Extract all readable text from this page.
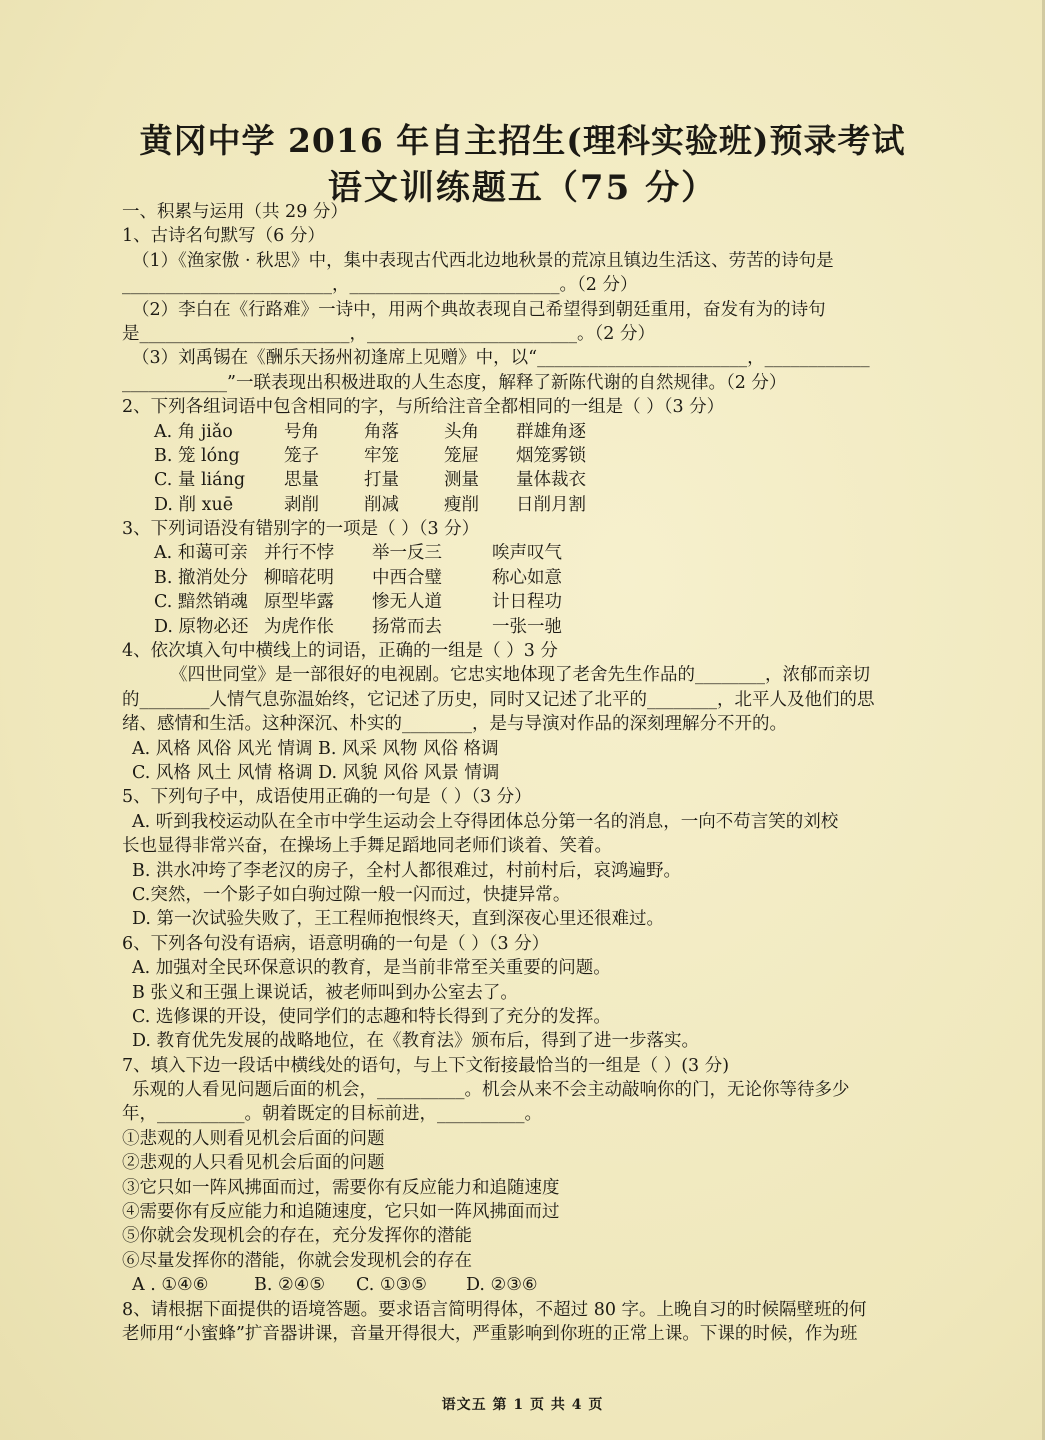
黄冈中学 2016 年自主招生(理科实验班)预录考试
语文训练题五（75 分）
一、积累与运用（共 29 分）
1、古诗名句默写（6 分）
（1）《渔家傲 · 秋思》中，集中表现古代西北边地秋景的荒凉且镇边生活这、劳苦的诗句是
________________________，________________________。（2 分）
（2）李白在《行路难》一诗中，用两个典故表现自己希望得到朝廷重用，奋发有为的诗句
是________________________，________________________。（2 分）
（3）刘禹锡在《酬乐天扬州初逢席上见赠》中，以“________________________，____________
____________”一联表现出积极进取的人生态度，解释了新陈代谢的自然规律。（2 分）
2、下列各组词语中包含相同的字，与所给注音全都相同的一组是（ ）（3 分）
A. 角 jiǎo	号角	角落	头角 群雄角逐
B. 笼 lóng	笼子	牢笼	笼屉 烟笼雾锁
C. 量 liáng 思量	打量	测量 量体裁衣
D. 削 xuē	剥削	削减	瘦削 日削月割
3、下列词语没有错别字的一项是（ ）（3 分）
A. 和蔼可亲 并行不悖 举一反三	唉声叹气
B. 撤消处分 柳暗花明 中西合璧	称心如意
C. 黯然销魂 原型毕露 惨无人道	计日程功
D. 原物必还 为虎作伥 扬常而去	一张一驰
4、依次填入句中横线上的词语，正确的一组是（ ）3 分
《四世同堂》是一部很好的电视剧。它忠实地体现了老舍先生作品的________，浓郁而亲切
的________人情气息弥温始终，它记述了历史，同时又记述了北平的________，北平人及他们的思
绪、感情和生活。这种深沉、朴实的________，是与导演对作品的深刻理解分不开的。
A. 风格 风俗 风光 情调 B. 风采 风物 风俗 格调
C. 风格 风土 风情 格调 D. 风貌 风俗 风景 情调
5、下列句子中，成语使用正确的一句是（ ）（3 分）
A. 听到我校运动队在全市中学生运动会上夺得团体总分第一名的消息，一向不苟言笑的刘校
长也显得非常兴奋，在操场上手舞足蹈地同老师们谈着、笑着。
B. 洪水冲垮了李老汉的房子，全村人都很难过，村前村后，哀鸿遍野。
C.突然，一个影子如白驹过隙一般一闪而过，快捷异常。
D. 第一次试验失败了，王工程师抱恨终天，直到深夜心里还很难过。
6、下列各句没有语病，语意明确的一句是（ ）（3 分）
A. 加强对全民环保意识的教育，是当前非常至关重要的问题。
B 张义和王强上课说话，被老师叫到办公室去了。
C. 选修课的开设，使同学们的志趣和特长得到了充分的发挥。
D. 教育优先发展的战略地位，在《教育法》颁布后，得到了进一步落实。
7、填入下边一段话中横线处的语句，与上下文衔接最恰当的一组是（ ）(3 分)
乐观的人看见问题后面的机会，__________。机会从来不会主动敲响你的门，无论你等待多少
年，__________。朝着既定的目标前进，__________。
①悲观的人则看见机会后面的问题
②悲观的人只看见机会后面的问题
③它只如一阵风拂面而过，需要你有反应能力和追随速度
④需要你有反应能力和追随速度，它只如一阵风拂面而过
⑤你就会发现机会的存在，充分发挥你的潜能
⑥尽量发挥你的潜能，你就会发现机会的存在
A . ①④⑥	B. ②④⑤ C. ①③⑤ D. ②③⑥
8、请根据下面提供的语境答题。要求语言简明得体，不超过 80 字。上晚自习的时候隔壁班的何
老师用“小蜜蜂”扩音器讲课，音量开得很大，严重影响到你班的正常上课。下课的时候，作为班
语文五 第 1 页 共 4 页
